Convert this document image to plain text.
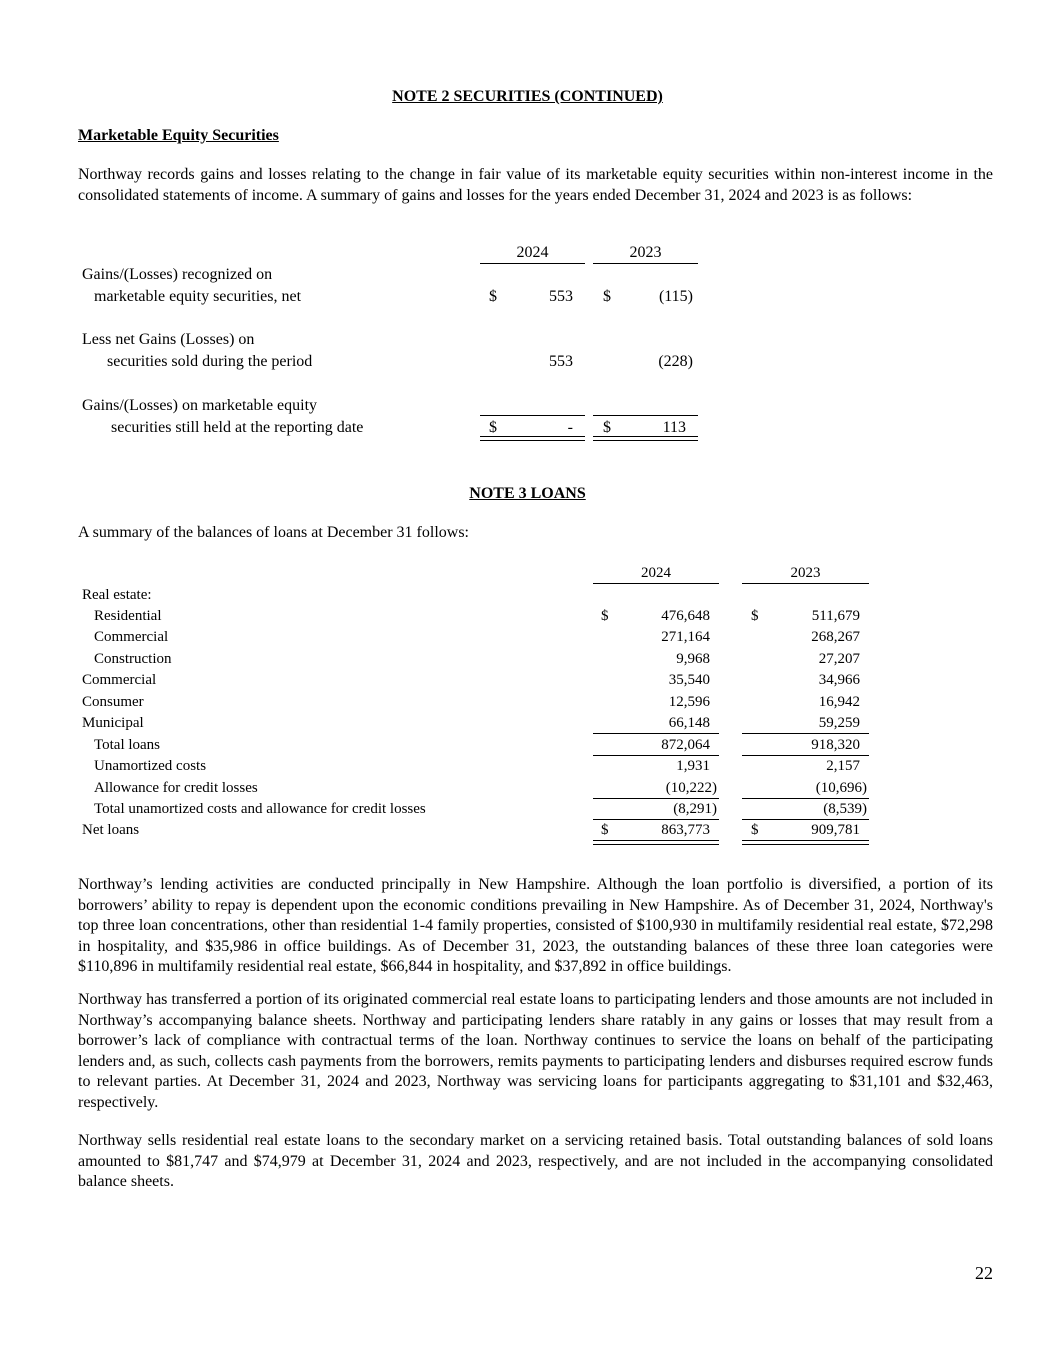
NOTE 2 SECURITIES (CONTINUED)
Marketable Equity Securities
Northway records gains and losses relating to the change in fair value of its marketable equity securities within non-interest income in the consolidated statements of income. A summary of gains and losses for the years ended December 31, 2024 and 2023 is as follows:
2024	2023
Gains/(Losses) recognized on
marketable equity securities, net	$	553 $	(115)
Less net Gains (Losses) on
securities sold during the period	553	(228)
Gains/(Losses) on marketable equity
securities still held at the reporting date	$	- $	113
NOTE 3 LOANS
A summary of the balances of loans at December 31 follows:
2024	2023
Real estate:
Residential	$	476,648	$	511,679
Commercial	271,164	268,267
Construction	9,968	27,207
Commercial	35,540	34,966
Consumer	12,596	16,942
Municipal	66,148	59,259
Total loans	872,064	918,320
Unamortized costs	1,931	2,157
Allowance for credit losses	(10,222)	(10,696)
Total unamortized costs and allowance for credit losses	(8,291)	(8,539)
Net loans	$	863,773	$	909,781
Northway’s lending activities are conducted principally in New Hampshire. Although the loan portfolio is diversified, a portion of its borrowers’ ability to repay is dependent upon the economic conditions prevailing in New Hampshire. As of December 31, 2024, Northway's top three loan concentrations, other than residential 1-4 family properties, consisted of $100,930 in multifamily residential real estate, $72,298 in hospitality, and $35,986 in office buildings. As of December 31, 2023, the outstanding balances of these three loan categories were $110,896 in multifamily residential real estate, $66,844 in hospitality, and $37,892 in office buildings.
Northway has transferred a portion of its originated commercial real estate loans to participating lenders and those amounts are not included in Northway’s accompanying balance sheets. Northway and participating lenders share ratably in any gains or losses that may result from a borrower’s lack of compliance with contractual terms of the loan. Northway continues to service the loans on behalf of the participating lenders and, as such, collects cash payments from the borrowers, remits payments to participating lenders and disburses required escrow funds to relevant parties. At December 31, 2024 and 2023, Northway was servicing loans for participants aggregating to $31,101 and $32,463, respectively.
Northway sells residential real estate loans to the secondary market on a servicing retained basis. Total outstanding balances of sold loans amounted to $81,747 and $74,979 at December 31, 2024 and 2023, respectively, and are not included in the accompanying consolidated balance sheets.
22
